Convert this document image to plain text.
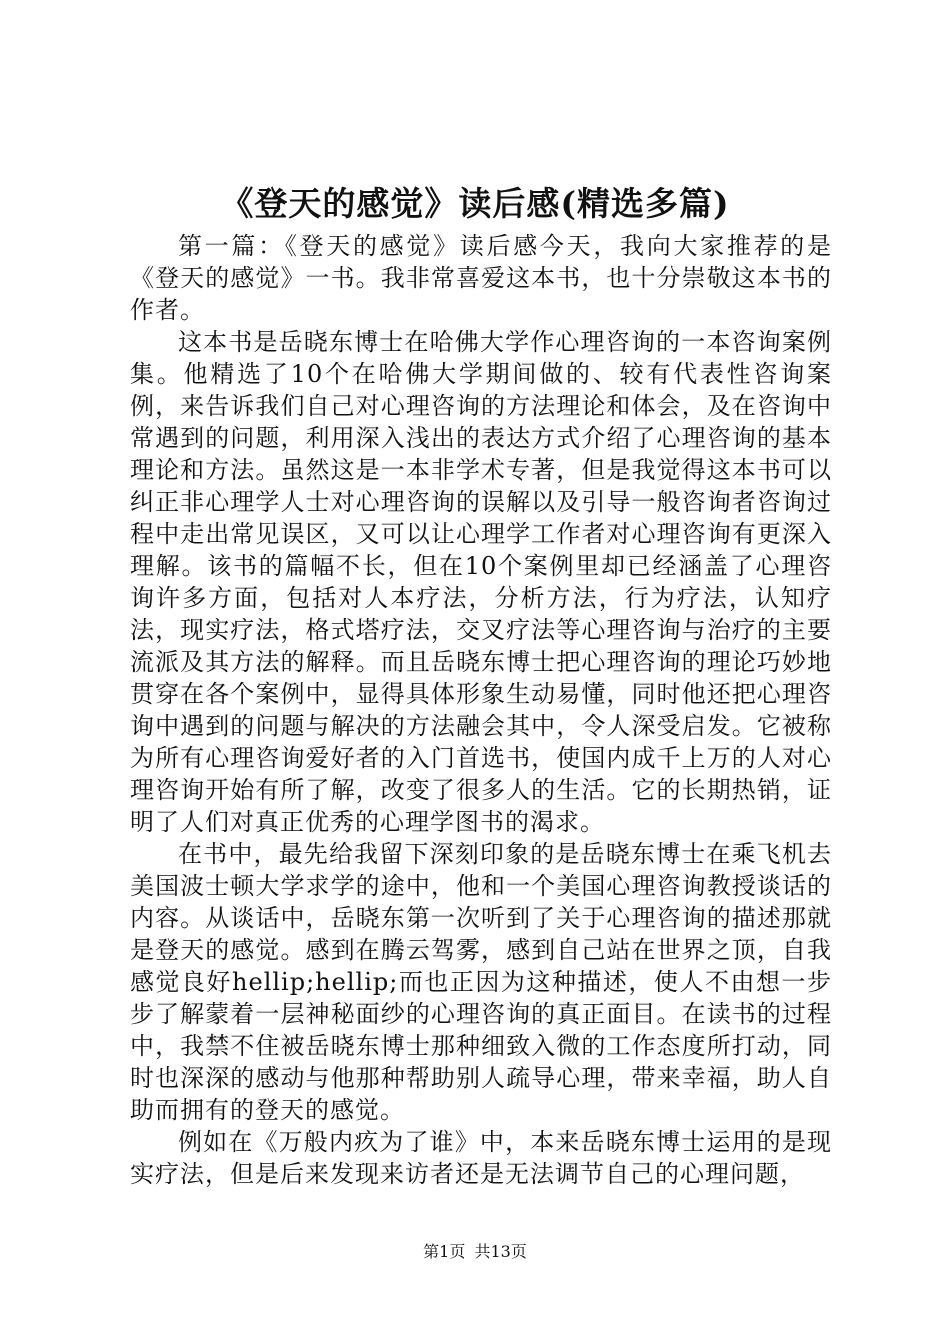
《登天的感觉》读后感(精选多篇)

第一篇：《登天的感觉》读后感今天，我向大家推荐的是《登天的感觉》一书。我非常喜爱这本书，也十分崇敬这本书的作者。

这本书是岳晓东博士在哈佛大学作心理咨询的一本咨询案例集。他精选了10个在哈佛大学期间做的、较有代表性咨询案例，来告诉我们自己对心理咨询的方法理论和体会，及在咨询中常遇到的问题，利用深入浅出的表达方式介绍了心理咨询的基本理论和方法。虽然这是一本非学术专著，但是我觉得这本书可以纠正非心理学人士对心理咨询的误解以及引导一般咨询者咨询过程中走出常见误区，又可以让心理学工作者对心理咨询有更深入理解。该书的篇幅不长，但在10个案例里却已经涵盖了心理咨询许多方面，包括对人本疗法，分析方法，行为疗法，认知疗法，现实疗法，格式塔疗法，交叉疗法等心理咨询与治疗的主要流派及其方法的解释。而且岳晓东博士把心理咨询的理论巧妙地贯穿在各个案例中，显得具体形象生动易懂，同时他还把心理咨询中遇到的问题与解决的方法融会其中，令人深受启发。它被称为所有心理咨询爱好者的入门首选书，使国内成千上万的人对心理咨询开始有所了解，改变了很多人的生活。它的长期热销，证明了人们对真正优秀的心理学图书的渴求。

在书中，最先给我留下深刻印象的是岳晓东博士在乘飞机去美国波士顿大学求学的途中，他和一个美国心理咨询教授谈话的内容。从谈话中，岳晓东第一次听到了关于心理咨询的描述那就是登天的感觉。感到在腾云驾雾，感到自己站在世界之顶，自我感觉良好hellip;hellip;而也正因为这种描述，使人不由想一步步了解蒙着一层神秘面纱的心理咨询的真正面目。在读书的过程中，我禁不住被岳晓东博士那种细致入微的工作态度所打动，同时也深深的感动与他那种帮助别人疏导心理，带来幸福，助人自助而拥有的登天的感觉。

例如在《万般内疚为了谁》中，本来岳晓东博士运用的是现实疗法，但是后来发现来访者还是无法调节自己的心理问题，

第1页 共13页
